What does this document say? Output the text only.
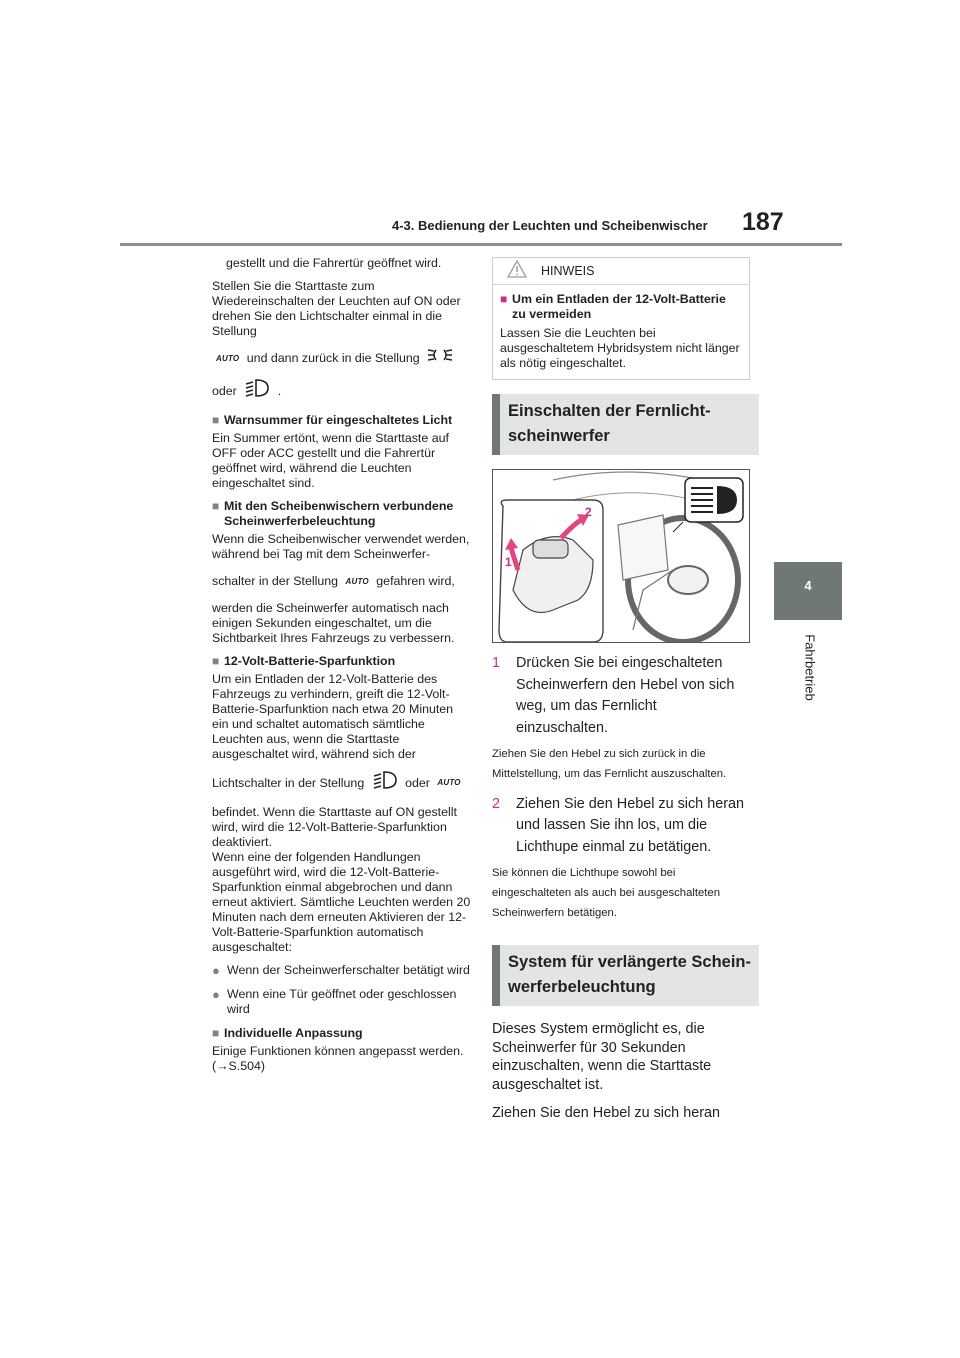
4-3. Bedienung der Leuchten und Scheibenwischer 187
4
Fahrbetrieb

gestellt und die Fahrertür geöffnet wird.

Stellen Sie die Starttaste zum Wiedereinschalten der Leuchten auf ON oder drehen Sie den Lichtschalter einmal in die Stellung

AUTO und dann zurück in die Stellung

oder	.

■ Warnsummer für eingeschaltetes Licht

Ein Summer ertönt, wenn die Starttaste auf OFF oder ACC gestellt und die Fahrertür geöffnet wird, während die Leuchten eingeschaltet sind.

■ Mit den Scheibenwischern verbundene Scheinwerferbeleuchtung

Wenn die Scheibenwischer verwendet werden, während bei Tag mit dem Scheinwerfer-

schalter in der Stellung AUTO gefahren wird,

werden die Scheinwerfer automatisch nach einigen Sekunden eingeschaltet, um die Sichtbarkeit Ihres Fahrzeugs zu verbessern.

■ 12-Volt-Batterie-Sparfunktion

Um ein Entladen der 12-Volt-Batterie des Fahrzeugs zu verhindern, greift die 12-Volt-Batterie-Sparfunktion nach etwa 20 Minuten ein und schaltet automatisch sämtliche Leuchten aus, wenn die Starttaste ausgeschaltet wird, während sich der

Lichtschalter in der Stellung	oder AUTO

befindet. Wenn die Starttaste auf ON gestellt wird, wird die 12-Volt-Batterie-Sparfunktion deaktiviert.

Wenn eine der folgenden Handlungen ausgeführt wird, wird die 12-Volt-Batterie-Sparfunktion einmal abgebrochen und dann erneut aktiviert. Sämtliche Leuchten werden 20 Minuten nach dem erneuten Aktivieren der 12-Volt-Batterie-Sparfunktion automatisch ausgeschaltet:

● Wenn der Scheinwerferschalter betätigt wird
● Wenn eine Tür geöffnet oder geschlossen wird
■ Individuelle Anpassung

Einige Funktionen können angepasst werden. (→S.504)

HINWEIS
■ Um ein Entladen der 12-Volt-Batterie zu vermeiden

Lassen Sie die Leuchten bei ausgeschaltetem Hybridsystem nicht länger als nötig eingeschaltet.

Einschalten der Fernlicht-scheinwerfer
1
2
1	Drücken Sie bei eingeschalteten Scheinwerfern den Hebel von sich weg, um das Fernlicht einzuschalten.

Ziehen Sie den Hebel zu sich zurück in die Mittelstellung, um das Fernlicht auszuschalten.

2	Ziehen Sie den Hebel zu sich heran und lassen Sie ihn los, um die Lichthupe einmal zu betätigen.

Sie können die Lichthupe sowohl bei eingeschalteten als auch bei ausgeschalteten Scheinwerfern betätigen.

System für verlängerte Schein-werferbeleuchtung

Dieses System ermöglicht es, die Scheinwerfer für 30 Sekunden einzuschalten, wenn die Starttaste ausgeschaltet ist.

Ziehen Sie den Hebel zu sich heran
